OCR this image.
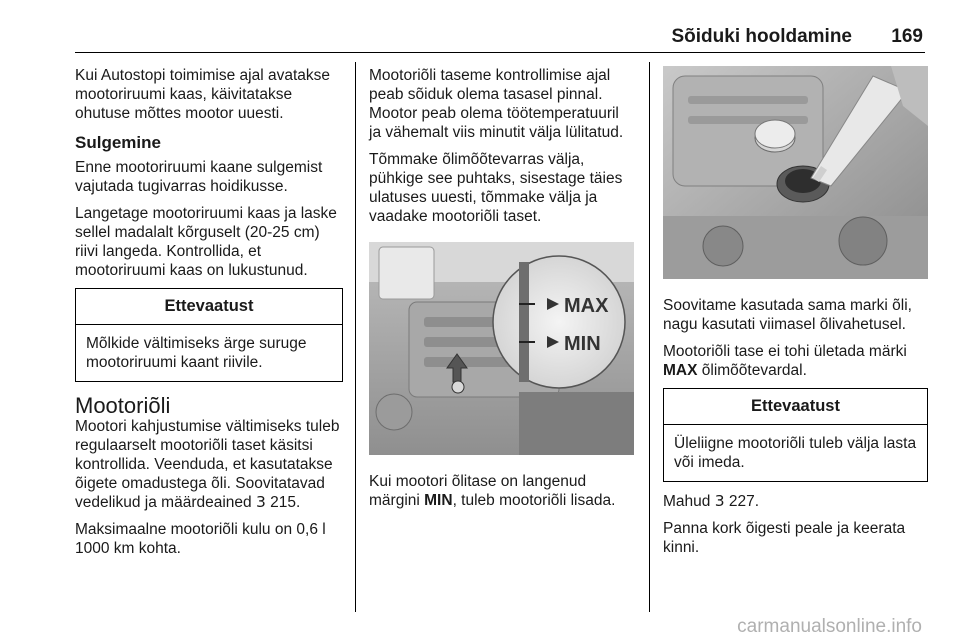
Sõiduki hooldamine 169

Kui Autostopi toimimise ajal avatakse mootoriruumi kaas, käivitatakse ohutuse mõttes mootor uuesti.

Sulgemine

Enne mootoriruumi kaane sulgemist vajutada tugivarras hoidikusse.

Langetage mootoriruumi kaas ja laske sellel madalalt kõrguselt (20-25 cm) riivi langeda. Kontrollida, et mootoriruumi kaas on lukustunud.

Ettevaatust
Mõlkide vältimiseks ärge suruge mootoriruumi kaant riivile.
Mootoriõli

Mootori kahjustumise vältimiseks tuleb regulaarselt mootoriõli taset käsitsi kontrollida. Veenduda, et kasutatakse õigete omadustega õli. Soovitatavad vedelikud ja määrdeained 3 215.

Maksimaalne mootoriõli kulu on 0,6 l 1000 km kohta.

Mootoriõli taseme kontrollimise ajal peab sõiduk olema tasasel pinnal. Mootor peab olema töötemperatuuril ja vähemalt viis minutit välja lülitatud.

Tõmmake õlimõõtevarras välja, pühkige see puhtaks, sisestage täies ulatuses uuesti, tõmmake välja ja vaadake mootoriõli taset.

MAX
MIN

Kui mootori õlitase on langenud märgini MIN, tuleb mootoriõli lisada.

Soovitame kasutada sama marki õli, nagu kasutati viimasel õlivahetusel.

Mootoriõli tase ei tohi ületada märki MAX õlimõõtevardal.

Ettevaatust
Üleliigne mootoriõli tuleb välja lasta või imeda.

Mahud 3 227.

Panna kork õigesti peale ja keerata kinni.

carmanualsonline.info
